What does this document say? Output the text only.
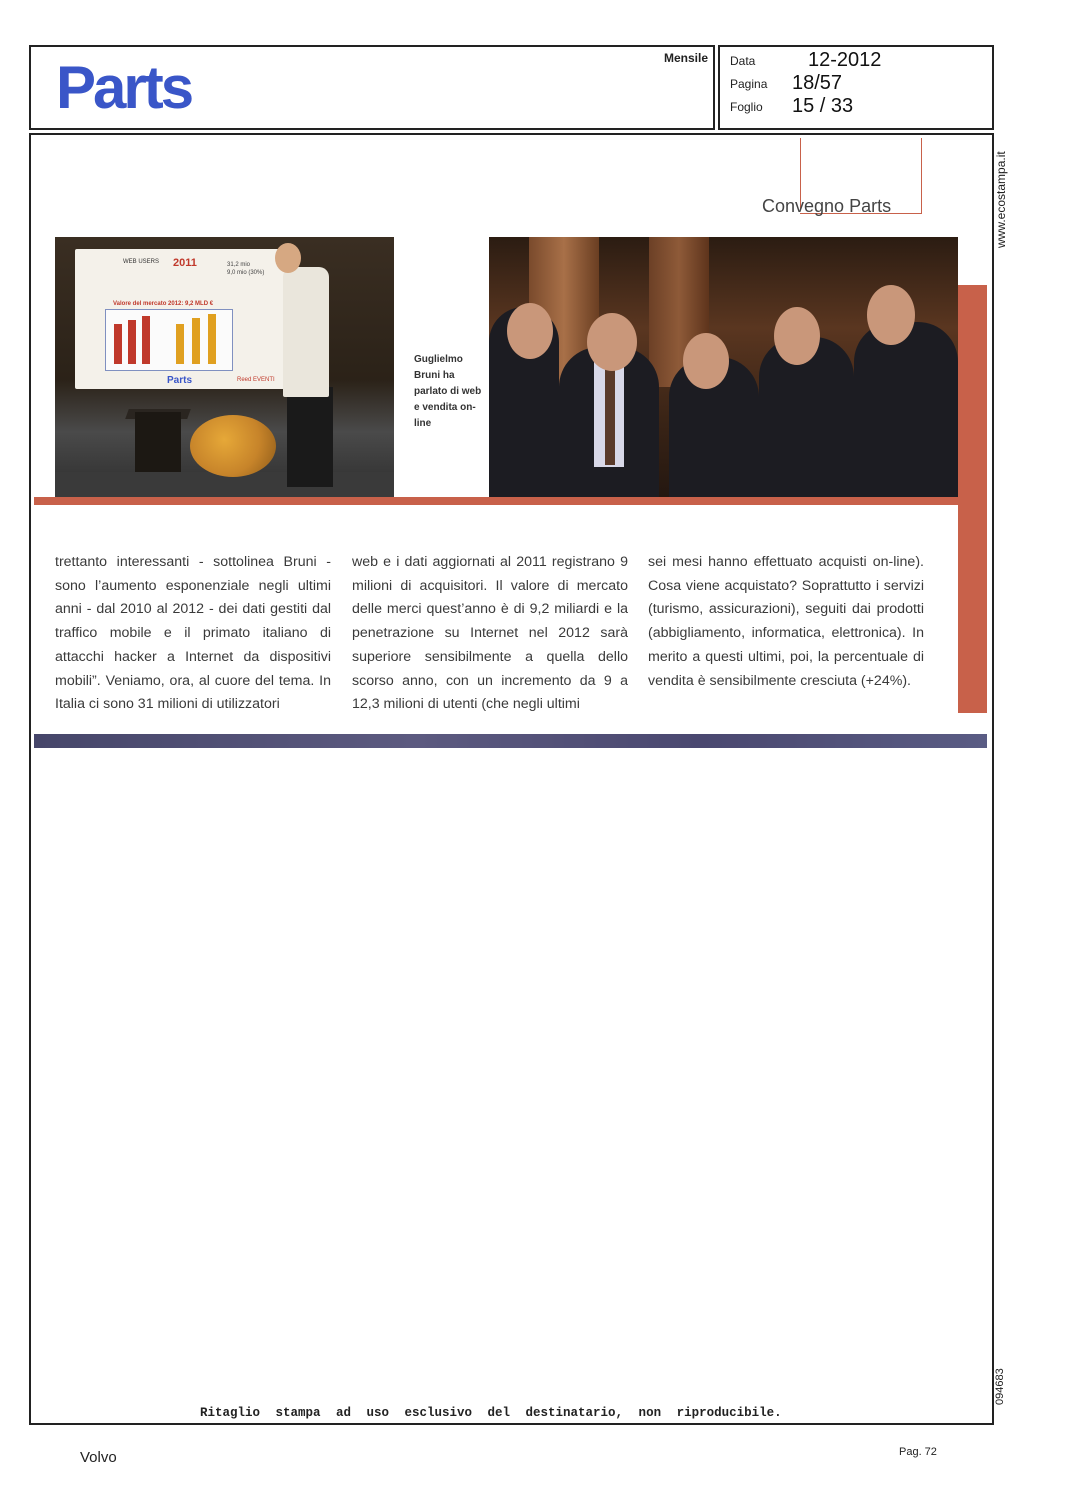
Parts	Mensile Data	12-2012
Pagina 18/57
Foglio 15 / 33
www.ecostampa.it
094683
Convegno Parts
WEB USERS 2011	31,2 mio
9,0 mio (30%)
Valore del mercato 2012: 9,2 MLD €
Parts	Reed EVENTI
Guglielmo Bruni ha parlato di web e vendita on-line
trettanto interessanti - sottolinea Bruni - sono l’aumento esponenziale negli ultimi anni - dal 2010 al 2012 - dei dati gestiti dal traffico mobile e il primato italiano di attacchi hacker a Internet da dispositivi mobili”. Veniamo, ora, al cuore del tema. In Italia ci sono 31 milioni di utilizzatori
web e i dati aggiornati al 2011 registrano 9 milioni di acquisitori. Il valore di mercato delle merci quest’anno è di 9,2 miliardi e la penetrazione su Internet nel 2012 sarà superiore sensibilmente a quella dello scorso anno, con un incremento da 9 a 12,3 milioni di utenti (che negli ultimi
sei mesi hanno effettuato acquisti on-line). Cosa viene acquistato? Soprattutto i servizi (turismo, assicurazioni), seguiti dai prodotti (abbigliamento, informatica, elettronica). In merito a questi ultimi, poi, la percentuale di vendita è sensibilmente cresciuta (+24%).
Ritaglio stampa ad uso esclusivo del destinatario, non riproducibile.
Volvo	Pag. 72
